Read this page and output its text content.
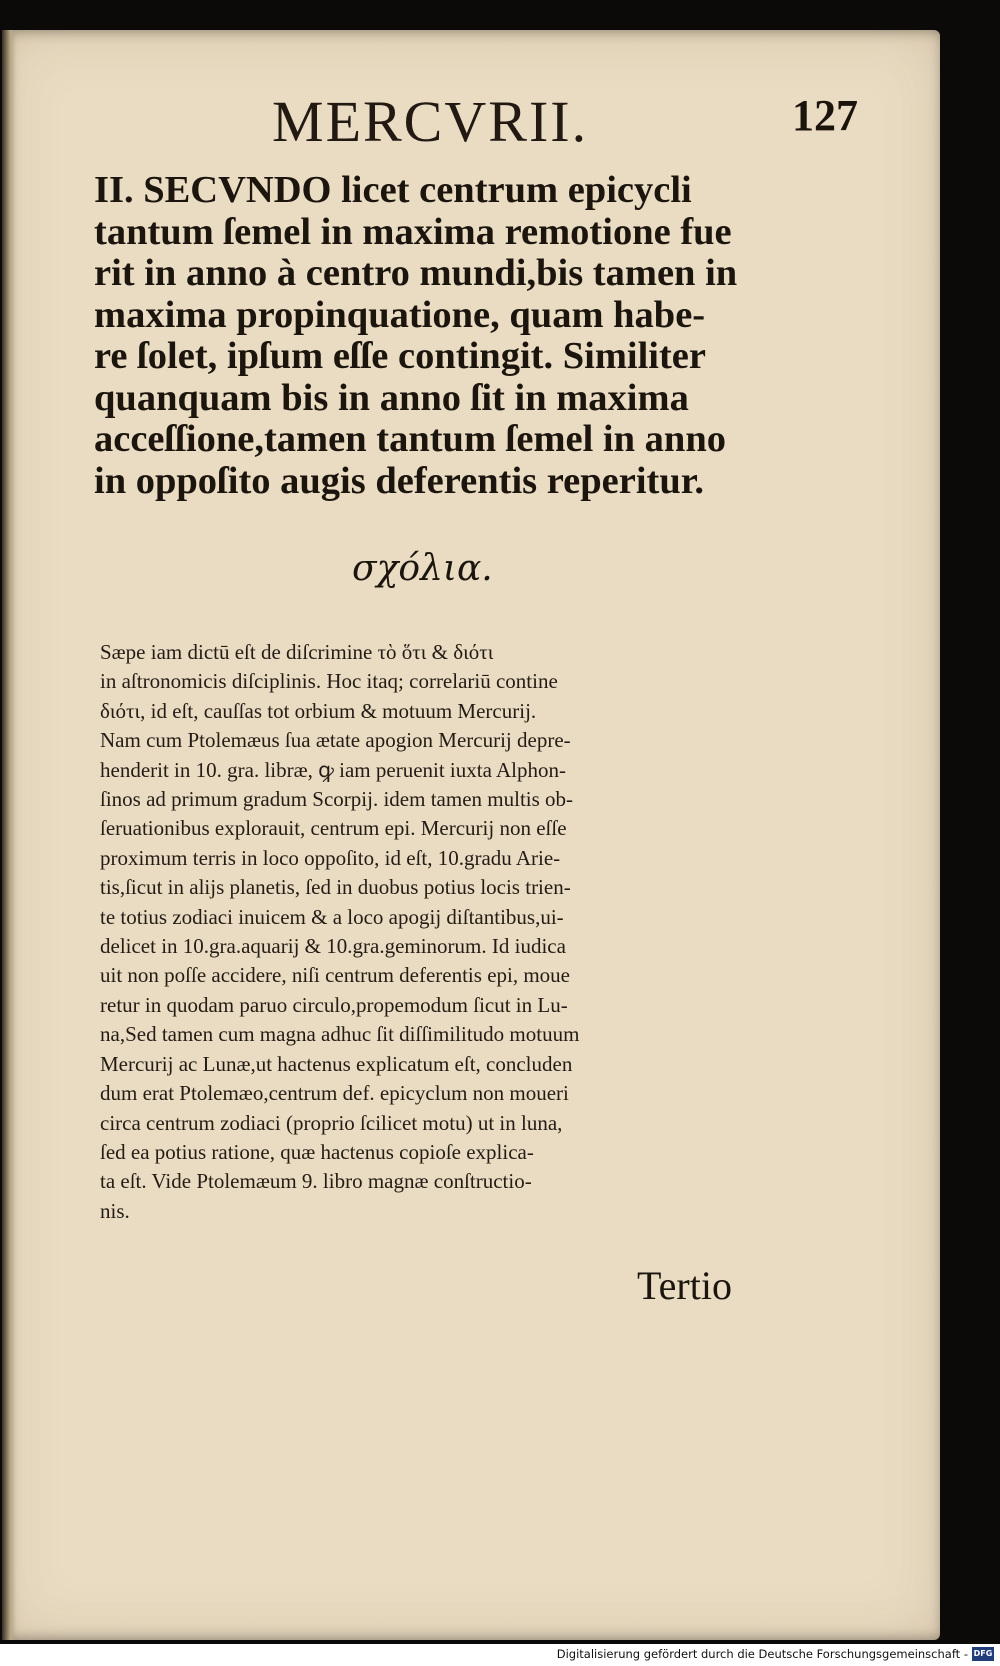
MERCVRII.	127

II. SECVNDO licet centrum epicycli
tantum ſemel in maxima remotione fue
rit in anno à centro mundi,bis tamen in
maxima propinquatione, quam habe-
re ſolet, ipſum eſſe contingit. Similiter
quanquam bis in anno ſit in maxima
acceſſione,tamen tantum ſemel in anno
in oppoſito augis deferentis reperitur.

σχόλια.

Sæpe iam dictū eſt de diſcrimine τὸ ὅτι & διότι
in aſtronomicis diſciplinis. Hoc itaq; correlariū contine
διότι, id eſt, cauſſas tot orbium & motuum Mercurij.
Nam cum Ptolemæus ſua ætate apogion Mercurij depre-
henderit in 10. gra. libræ, ꝙ iam peruenit iuxta Alphon-
ſinos ad primum gradum Scorpij. idem tamen multis ob-
ſeruationibus explorauit, centrum epi. Mercurij non eſſe
proximum terris in loco oppoſito, id eſt, 10.gradu Arie-
tis,ſicut in alijs planetis, ſed in duobus potius locis trien-
te totius zodiaci inuicem & a loco apogij diſtantibus,ui-
delicet in 10.gra.aquarij & 10.gra.geminorum. Id iudica
uit non poſſe accidere, niſi centrum deferentis epi, moue
retur in quodam paruo circulo,propemodum ſicut in Lu-
na,Sed tamen cum magna adhuc ſit diſſimilitudo motuum
Mercurij ac Lunæ,ut hactenus explicatum eſt, concluden
dum erat Ptolemæo,centrum def. epicyclum non moueri
circa centrum zodiaci (proprio ſcilicet motu) ut in luna,
ſed ea potius ratione, quæ hactenus copioſe explica-
ta eſt. Vide Ptolemæum 9. libro magnæ conſtructio-
nis.

Tertio
Digitalisierung gefördert durch die Deutsche Forschungsgemeinschaft - DFG
